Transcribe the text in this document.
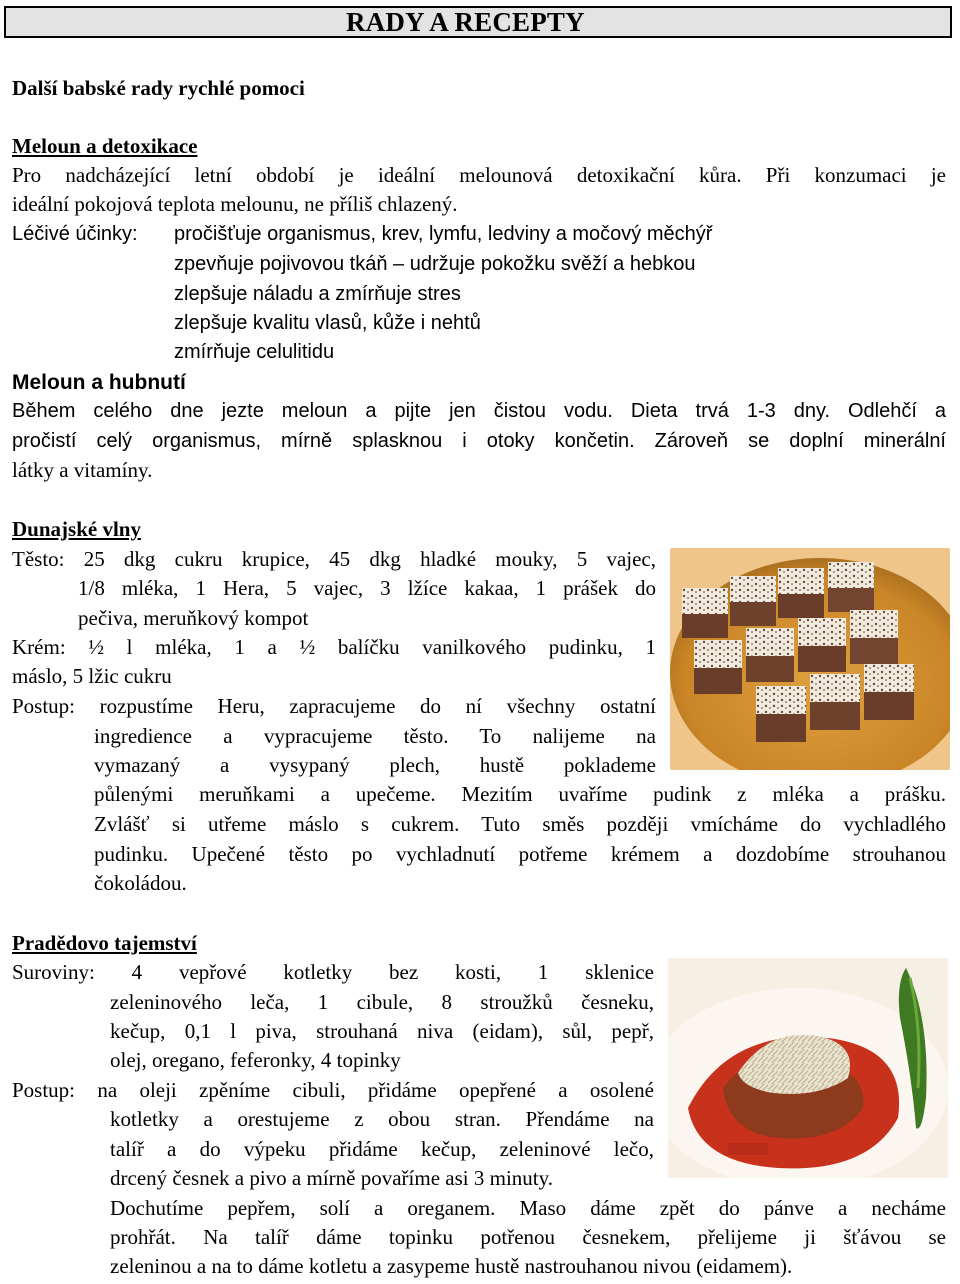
RADY A RECEPTY
Další babské rady rychlé pomoci
Meloun a detoxikace
Pro nadcházející letní období je ideální melounová detoxikační kůra. Při konzumaci je
ideální pokojová teplota melounu, ne příliš chlazený.
Léčivé účinky: pročišťuje organismus, krev, lymfu, ledviny a močový měchýř
zpevňuje pojivovou tkáň – udržuje pokožku svěží a hebkou
zlepšuje náladu a zmírňuje stres
zlepšuje kvalitu vlasů, kůže i nehtů
zmírňuje celulitidu
Meloun a hubnutí
Během celého dne jezte meloun a pijte jen čistou vodu. Dieta trvá 1-3 dny. Odlehčí a
pročistí celý organismus, mírně splasknou i otoky končetin. Zároveň se doplní minerální
látky a vitamíny.
Dunajské vlny
Těsto: 25 dkg cukru krupice, 45 dkg hladké mouky, 5 vajec,
1/8 mléka, 1 Hera, 5 vajec, 3 lžíce kakaa, 1 prášek do
pečiva, meruňkový kompot
Krém: ½ l mléka, 1 a ½ balíčku vanilkového pudinku, 1
máslo, 5 lžic cukru
Postup: rozpustíme Heru, zapracujeme do ní všechny ostatní
ingredience a vypracujeme těsto. To nalijeme na
vymazaný a vysypaný plech, hustě poklademe
půlenými meruňkami a upečeme. Mezitím uvaříme pudink z mléka a prášku.
Zvlášť si utřeme máslo s cukrem. Tuto směs později vmícháme do vychladlého
pudinku. Upečené těsto po vychladnutí potřeme krémem a dozdobíme strouhanou
čokoládou.
Pradědovo tajemství
Suroviny: 4 vepřové kotletky bez kosti, 1 sklenice
zeleninového leča, 1 cibule, 8 stroužků česneku,
kečup, 0,1 l piva, strouhaná niva (eidam), sůl, pepř,
olej, oregano, feferonky, 4 topinky
Postup: na oleji zpěníme cibuli, přidáme opepřené a osolené
kotletky a orestujeme z obou stran. Přendáme na
talíř a do výpeku přidáme kečup, zeleninové lečo,
drcený česnek a pivo a mírně povaříme asi 3 minuty.
Dochutíme pepřem, solí a oreganem. Maso dáme zpět do pánve a necháme
prohřát. Na talíř dáme topinku potřenou česnekem, přelijeme ji šťávou se
zeleninou a na to dáme kotletu a zasypeme hustě nastrouhanou nivou (eidamem).
